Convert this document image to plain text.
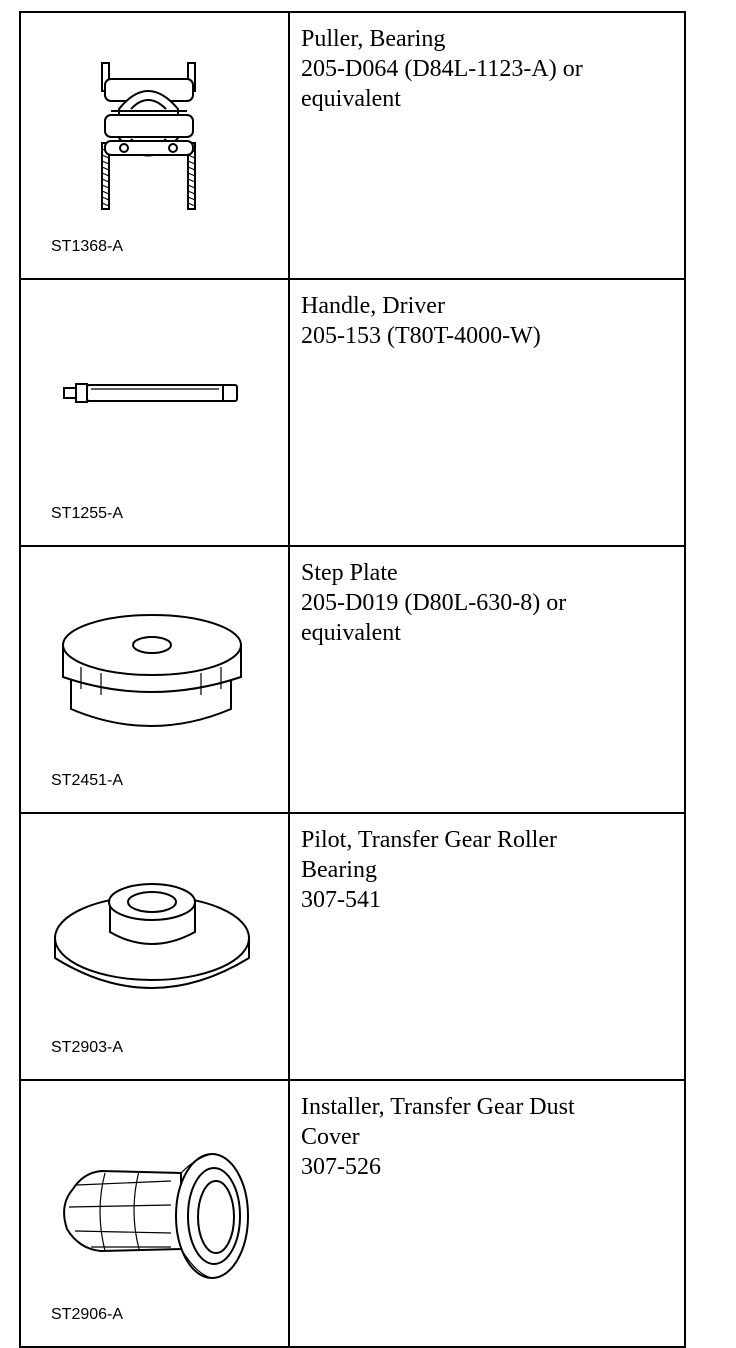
ST1368-A	Puller, Bearing
205-D064 (D84L-1123-A) or
equivalent

ST1255-A	Handle, Driver
205-153 (T80T-4000-W)

ST2451-A	Step Plate
205-D019 (D80L-630-8) or
equivalent

ST2903-A	Pilot, Transfer Gear Roller
Bearing
307-541

ST2906-A	Installer, Transfer Gear Dust
Cover
307-526
